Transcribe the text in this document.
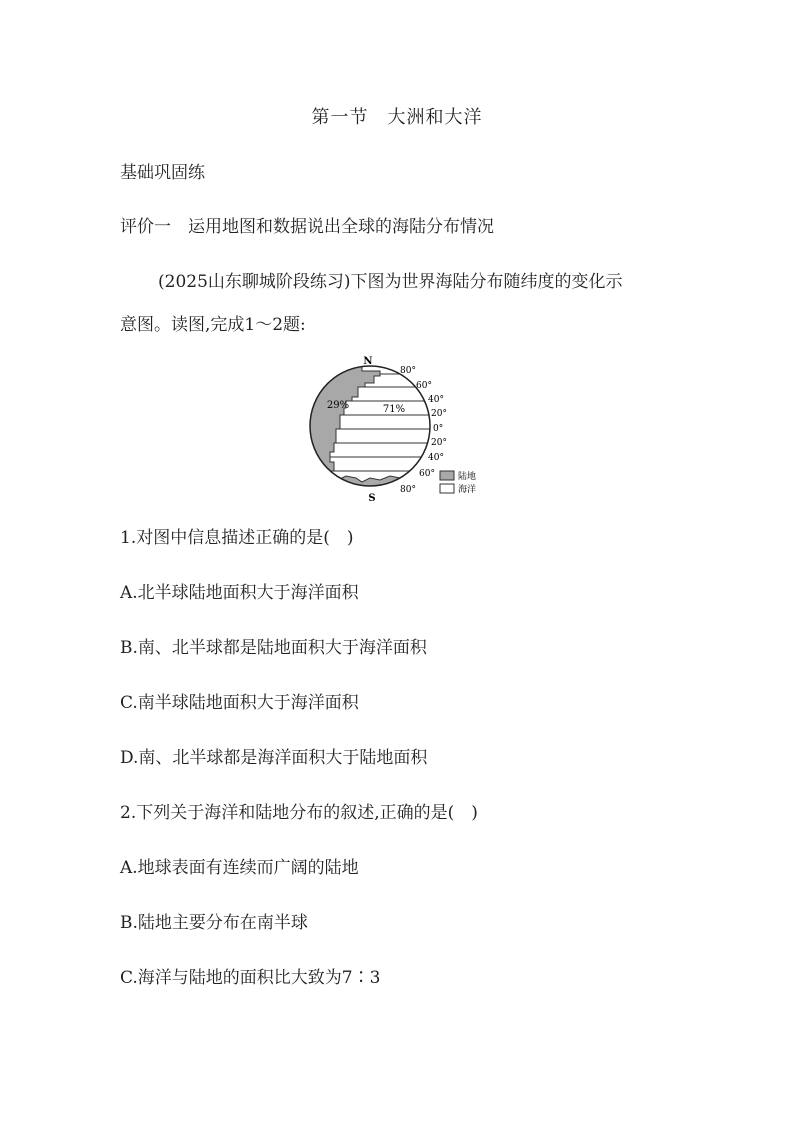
第一节　大洲和大洋
基础巩固练
评价一　运用地图和数据说出全球的海陆分布情况
(2025山东聊城阶段练习)下图为世界海陆分布随纬度的变化示
意图。读图,完成1～2题:
N
S
29%	71%
80°
60°
40°
20°
0°
20°
40°
60°
80°
陆地
海洋
1.对图中信息描述正确的是(　)
A.北半球陆地面积大于海洋面积
B.南、北半球都是陆地面积大于海洋面积
C.南半球陆地面积大于海洋面积
D.南、北半球都是海洋面积大于陆地面积
2.下列关于海洋和陆地分布的叙述,正确的是(　)
A.地球表面有连续而广阔的陆地
B.陆地主要分布在南半球
C.海洋与陆地的面积比大致为7∶3
